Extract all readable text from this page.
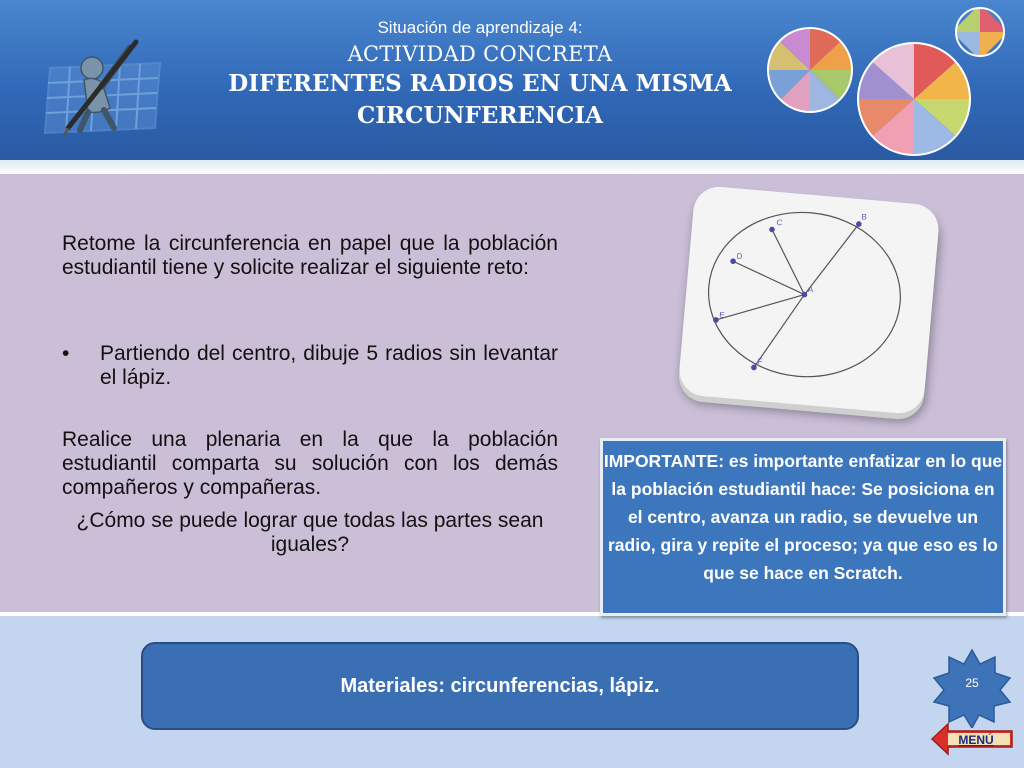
Situación de aprendizaje 4:
ACTIVIDAD CONCRETA
DIFERENTES RADIOS EN UNA MISMA
CIRCUNFERENCIA
Retome la circunferencia en papel que la población estudiantil tiene y solicite realizar el siguiente reto:
• Partiendo del centro, dibuje 5 radios sin levantar el lápiz.
Realice una plenaria en la que la población estudiantil comparta su solución con los demás compañeros y compañeras.
¿Cómo se puede lograr que todas las partes sean iguales?
B
C
D
A
E
F
IMPORTANTE: es importante enfatizar en lo que la población estudiantil hace: Se posiciona en el centro, avanza un radio, se devuelve un radio, gira y repite el proceso; ya que eso es lo que se hace en Scratch.
Materiales: circunferencias, lápiz.	25
MENÚ
